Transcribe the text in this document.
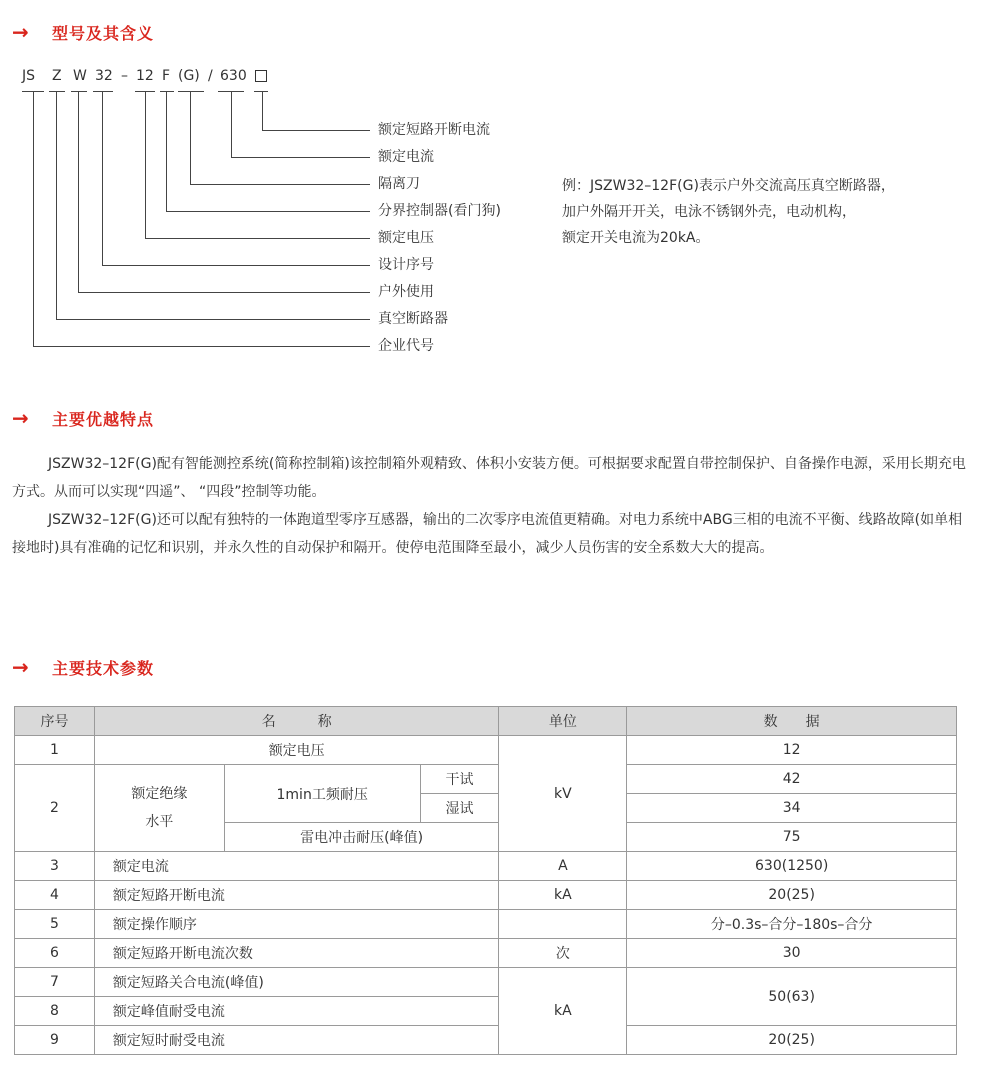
→	型号及其含义
JS Z W 32 – 12 F (G) / 630
额定短路开断电流
额定电流
隔离刀
分界控制器(看门狗)
额定电压
设计序号
户外使用
真空断路器
企业代号
例：JSZW32–12F(G)表示户外交流高压真空断路器，
加户外隔开开关，电泳不锈钢外壳，电动机构，
额定开关电流为20kA。
→	主要优越特点

JSZW32–12F(G)配有智能测控系统(简称控制箱)该控制箱外观精致、体积小安装方便。可根据要求配置自带控制保护、自备操作电源，采用长期充电方式。从而可以实现“四遥”、 “四段”控制等功能。

JSZW32–12F(G)还可以配有独特的一体跑道型零序互感器，输出的二次零序电流值更精确。对电力系统中ABG三相的电流不平衡、线路故障(如单相接地时)具有准确的记忆和识别，并永久性的自动保护和隔开。使停电范围降至最小，减少人员伤害的安全系数大大的提高。

→	主要技术参数
序号	名　　　称			单位	数　　据
1	额定电压			kV	12
2	额定绝缘水平	1min工频耐压	干试		42
			湿试		34
		雷电冲击耐压(峰值)			75
3	额定电流			A	630(1250)
4	额定短路开断电流			kA	20(25)
5	额定操作顺序				分–0.3s–合分–180s–合分
6	额定短路开断电流次数			次	30
7	额定短路关合电流(峰值)			kA	50(63)
8	额定峰值耐受电流				
9	额定短时耐受电流				20(25)
